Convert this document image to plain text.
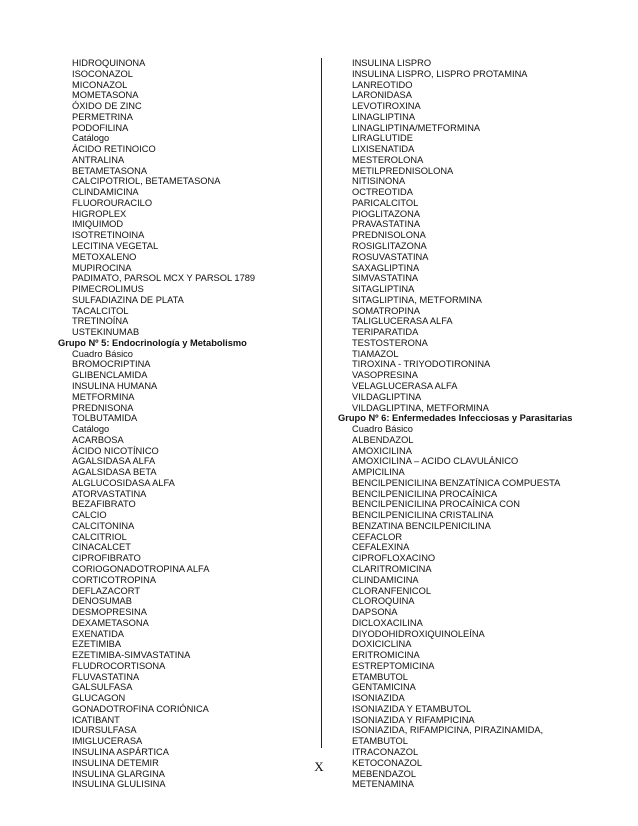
HIDROQUINONA
ISOCONAZOL
MICONAZOL
MOMETASONA
ÓXIDO DE ZINC
PERMETRINA
PODOFILINA
Catálogo
ÁCIDO RETINOICO
ANTRALINA
BETAMETASONA
CALCIPOTRIOL, BETAMETASONA
CLINDAMICINA
FLUOROURACILO
HIGROPLEX
IMIQUIMOD
ISOTRETINOINA
LECITINA VEGETAL
METOXALENO
MUPIROCINA
PADIMATO, PARSOL MCX Y PARSOL 1789
PIMECROLIMUS
SULFADIAZINA DE PLATA
TACALCITOL
TRETINOÍNA
USTEKINUMAB
Grupo Nº 5: Endocrinología y Metabolismo
Cuadro Básico
BROMOCRIPTINA
GLIBENCLAMIDA
INSULINA HUMANA
METFORMINA
PREDNISONA
TOLBUTAMIDA
Catálogo
ACARBOSA
ÁCIDO NICOTÍNICO
AGALSIDASA ALFA
AGALSIDASA BETA
ALGLUCOSIDASA ALFA
ATORVASTATINA
BEZAFIBRATO
CALCIO
CALCITONINA
CALCITRIOL
CINACALCET
CIPROFIBRATO
CORIOGONADOTROPINA ALFA
CORTICOTROPINA
DEFLAZACORT
DENOSUMAB
DESMOPRESINA
DEXAMETASONA
EXENATIDA
EZETIMIBA
EZETIMIBA-SIMVASTATINA
FLUDROCORTISONA
FLUVASTATINA
GALSULFASA
GLUCAGON
GONADOTROFINA CORIÓNICA
ICATIBANT
IDURSULFASA
IMIGLUCERASA
INSULINA ASPÁRTICA
INSULINA DETEMIR
INSULINA GLARGINA
INSULINA GLULISINA
INSULINA LISPRO
INSULINA LISPRO, LISPRO PROTAMINA
LANREOTIDO
LARONIDASA
LEVOTIROXINA
LINAGLIPTINA
LINAGLIPTINA/METFORMINA
LIRAGLUTIDE
LIXISENATIDA
MESTEROLONA
METILPREDNISOLONA
NITISINONA
OCTREOTIDA
PARICALCITOL
PIOGLITAZONA
PRAVASTATINA
PREDNISOLONA
ROSIGLITAZONA
ROSUVASTATINA
SAXAGLIPTINA
SIMVASTATINA
SITAGLIPTINA
SITAGLIPTINA, METFORMINA
SOMATROPINA
TALIGLUCERASA ALFA
TERIPARATIDA
TESTOSTERONA
TIAMAZOL
TIROXINA - TRIYODOTIRONINA
VASOPRESINA
VELAGLUCERASA ALFA
VILDAGLIPTINA
VILDAGLIPTINA, METFORMINA
Grupo Nº 6: Enfermedades Infecciosas y Parasitarias
Cuadro Básico
ALBENDAZOL
AMOXICILINA
AMOXICILINA – ACIDO CLAVULÁNICO
AMPICILINA
BENCILPENICILINA BENZATÍNICA COMPUESTA
BENCILPENICILINA PROCAÍNICA
BENCILPENICILINA PROCAÍNICA CON
BENCILPENICILINA CRISTALINA
BENZATINA BENCILPENICILINA
CEFACLOR
CEFALEXINA
CIPROFLOXACINO
CLARITROMICINA
CLINDAMICINA
CLORANFENICOL
CLOROQUINA
DAPSONA
DICLOXACILINA
DIYODOHIDROXIQUINOLEÍNA
DOXICICLINA
ERITROMICINA
ESTREPTOMICINA
ETAMBUTOL
GENTAMICINA
ISONIAZIDA
ISONIAZIDA Y ETAMBUTOL
ISONIAZIDA Y RIFAMPICINA
ISONIAZIDA, RIFAMPICINA, PIRAZINAMIDA,
ETAMBUTOL
ITRACONAZOL
KETOCONAZOL
MEBENDAZOL
METENAMINA
X
